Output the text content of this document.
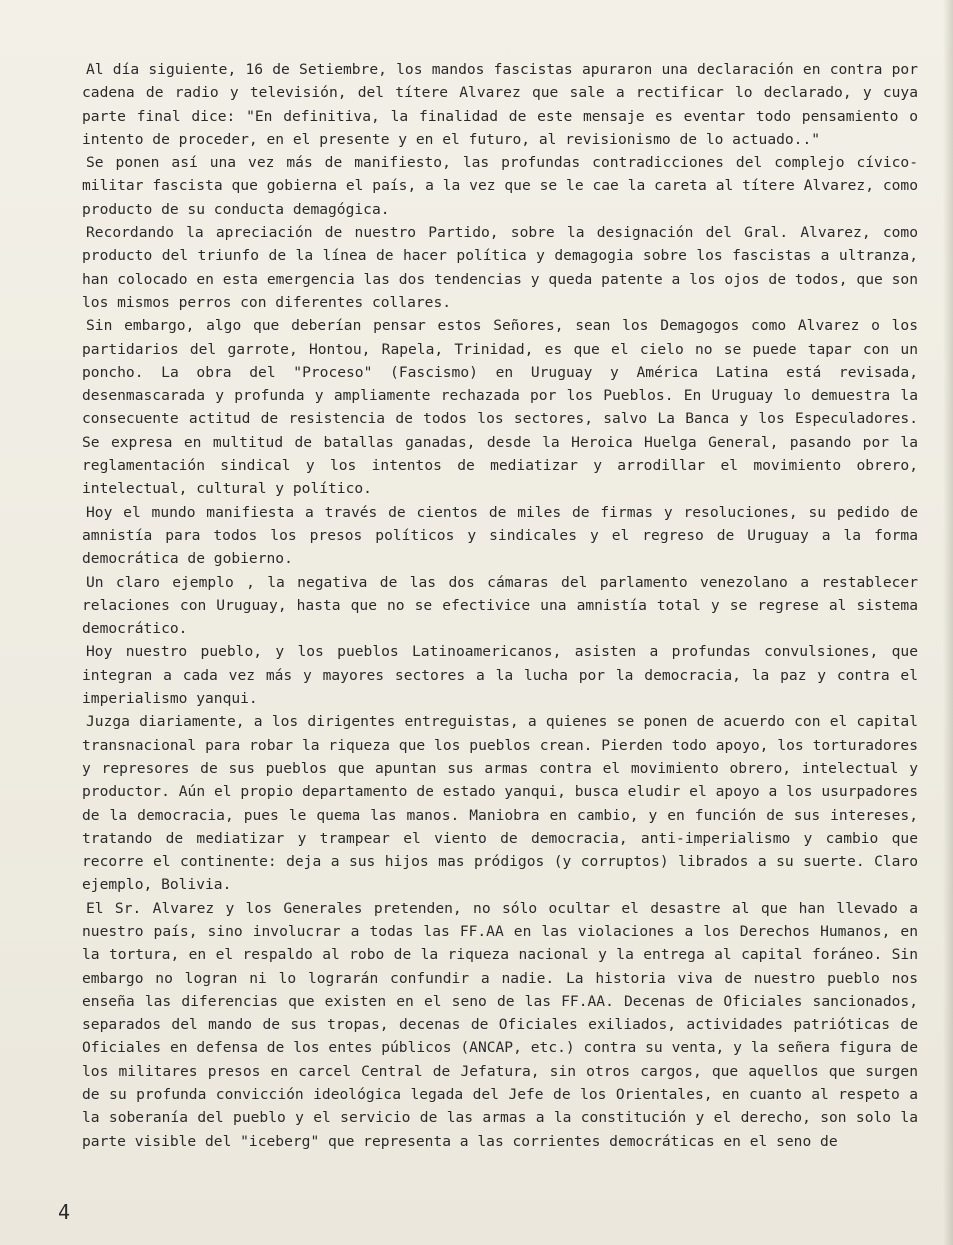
Al día siguiente, 16 de Setiembre, los mandos fascistas apuraron una declaración en contra por cadena de radio y televisión, del títere Alvarez que sale a rectificar lo declarado, y cuya parte final dice: "En definitiva, la finalidad de este mensaje es eventar todo pensamiento o intento de proceder, en el presente y en el futuro, al revisionismo de lo actuado.."

Se ponen así una vez más de manifiesto, las profundas contradicciones del complejo cívico-militar fascista que gobierna el país, a la vez que se le cae la careta al títere Alvarez, como producto de su conducta demagógica.

Recordando la apreciación de nuestro Partido, sobre la designación del Gral. Alvarez, como producto del triunfo de la línea de hacer política y demagogia sobre los fascistas a ultranza, han colocado en esta emergencia las dos tendencias y queda patente a los ojos de todos, que son los mismos perros con diferentes collares.

Sin embargo, algo que deberían pensar estos Señores, sean los Demagogos como Alvarez o los partidarios del garrote, Hontou, Rapela, Trinidad, es que el cielo no se puede tapar con un poncho. La obra del "Proceso" (Fascismo) en Uruguay y América Latina está revisada, desenmascarada y profunda y ampliamente rechazada por los Pueblos. En Uruguay lo demuestra la consecuente actitud de resistencia de todos los sectores, salvo La Banca y los Especuladores. Se expresa en multitud de batallas ganadas, desde la Heroica Huelga General, pasando por la reglamentación sindical y los intentos de mediatizar y arrodillar el movimiento obrero, intelectual, cultural y político.

Hoy el mundo manifiesta a través de cientos de miles de firmas y resoluciones, su pedido de amnistía para todos los presos políticos y sindicales y el regreso de Uruguay a la forma democrática de gobierno.

Un claro ejemplo , la negativa de las dos cámaras del parlamento venezolano a restablecer relaciones con Uruguay, hasta que no se efectivice una amnistía total y se regrese al sistema democrático.

Hoy nuestro pueblo, y los pueblos Latinoamericanos, asisten a profundas convulsiones, que integran a cada vez más y mayores sectores a la lucha por la democracia, la paz y contra el imperialismo yanqui.

Juzga diariamente, a los dirigentes entreguistas, a quienes se ponen de acuerdo con el capital transnacional para robar la riqueza que los pueblos crean. Pierden todo apoyo, los torturadores y represores de sus pueblos que apuntan sus armas contra el movimiento obrero, intelectual y productor. Aún el propio departamento de estado yanqui, busca eludir el apoyo a los usurpadores de la democracia, pues le quema las manos. Maniobra en cambio, y en función de sus intereses, tratando de mediatizar y trampear el viento de democracia, anti-imperialismo y cambio que recorre el continente: deja a sus hijos mas pródigos (y corruptos) librados a su suerte. Claro ejemplo, Bolivia.

El Sr. Alvarez y los Generales pretenden, no sólo ocultar el desastre al que han llevado a nuestro país, sino involucrar a todas las FF.AA en las violaciones a los Derechos Humanos, en la tortura, en el respaldo al robo de la riqueza nacional y la entrega al capital foráneo. Sin embargo no logran ni lo lograrán confundir a nadie. La historia viva de nuestro pueblo nos enseña las diferencias que existen en el seno de las FF.AA. Decenas de Oficiales sancionados, separados del mando de sus tropas, decenas de Oficiales exiliados, actividades patrióticas de Oficiales en defensa de los entes públicos (ANCAP, etc.) contra su venta, y la señera figura de los militares presos en carcel Central de Jefatura, sin otros cargos, que aquellos que surgen de su profunda convicción ideológica legada del Jefe de los Orientales, en cuanto al respeto a la soberanía del pueblo y el servicio de las armas a la constitución y el derecho, son solo la parte visible del "iceberg" que representa a las corrientes democráticas en el seno de

4
